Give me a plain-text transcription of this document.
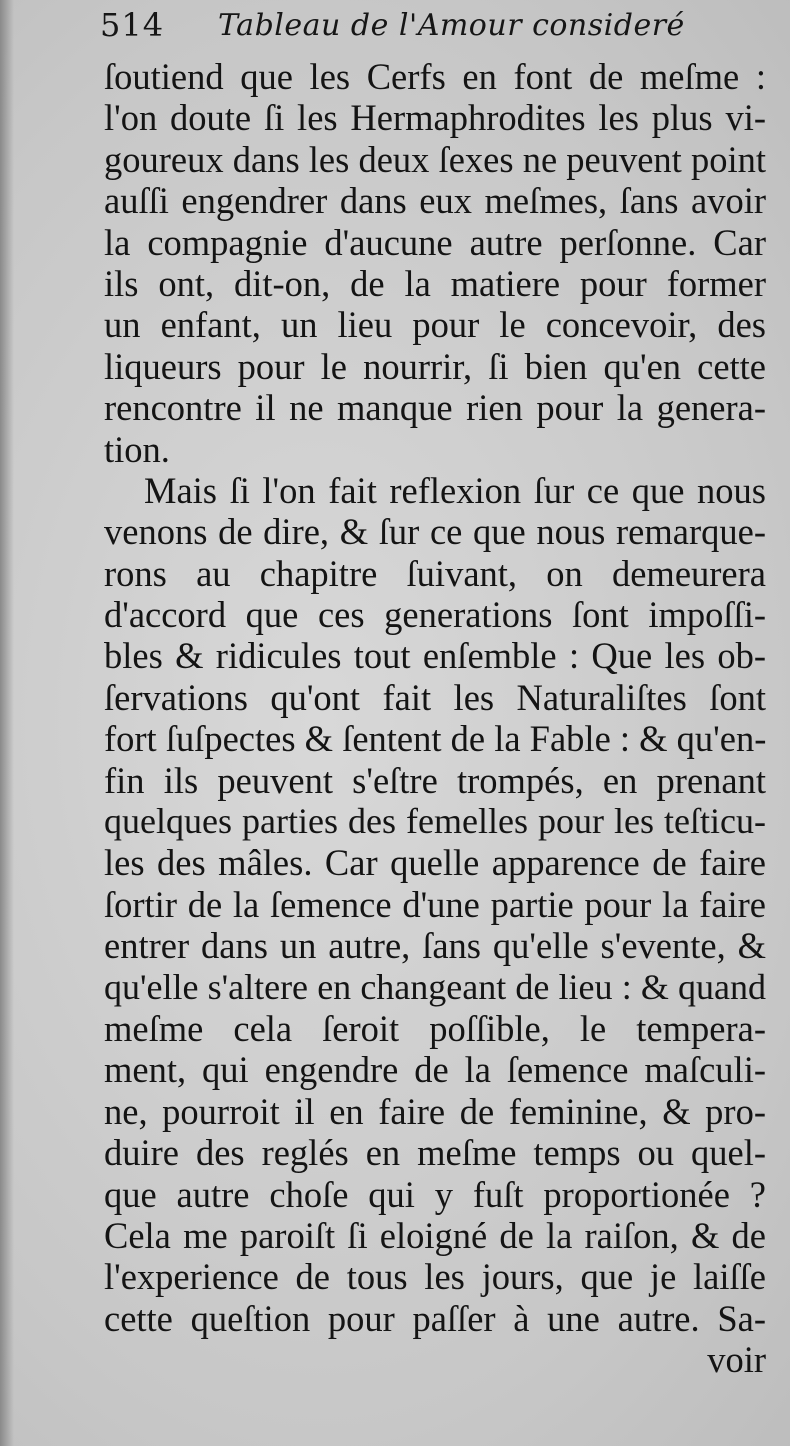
514 Tableau de l'Amour consideré
ſoutiend que les Cerfs en font de meſme :
l'on doute ſi les Hermaphrodites les plus vi-
goureux dans les deux ſexes ne peuvent point
auſſi engendrer dans eux meſmes, ſans avoir
la compagnie d'aucune autre perſonne. Car
ils ont, dit-on, de la matiere pour former
un enfant, un lieu pour le concevoir, des
liqueurs pour le nourrir, ſi bien qu'en cette
rencontre il ne manque rien pour la genera-
tion.
Mais ſi l'on fait reflexion ſur ce que nous
venons de dire, & ſur ce que nous remarque-
rons au chapitre ſuivant, on demeurera
d'accord que ces generations ſont impoſſi-
bles & ridicules tout enſemble : Que les ob-
ſervations qu'ont fait les Naturaliſtes ſont
fort ſuſpectes & ſentent de la Fable : & qu'en-
fin ils peuvent s'eſtre trompés, en prenant
quelques parties des femelles pour les teſticu-
les des mâles. Car quelle apparence de faire
ſortir de la ſemence d'une partie pour la faire
entrer dans un autre, ſans qu'elle s'evente, &
qu'elle s'altere en changeant de lieu : & quand
meſme cela ſeroit poſſible, le tempera-
ment, qui engendre de la ſemence maſculi-
ne, pourroit il en faire de feminine, & pro-
duire des reglés en meſme temps ou quel-
que autre choſe qui y fuſt proportionée ?
Cela me paroiſt ſi eloigné de la raiſon, & de
l'experience de tous les jours, que je laiſſe
cette queſtion pour paſſer à une autre. Sa-
voir
